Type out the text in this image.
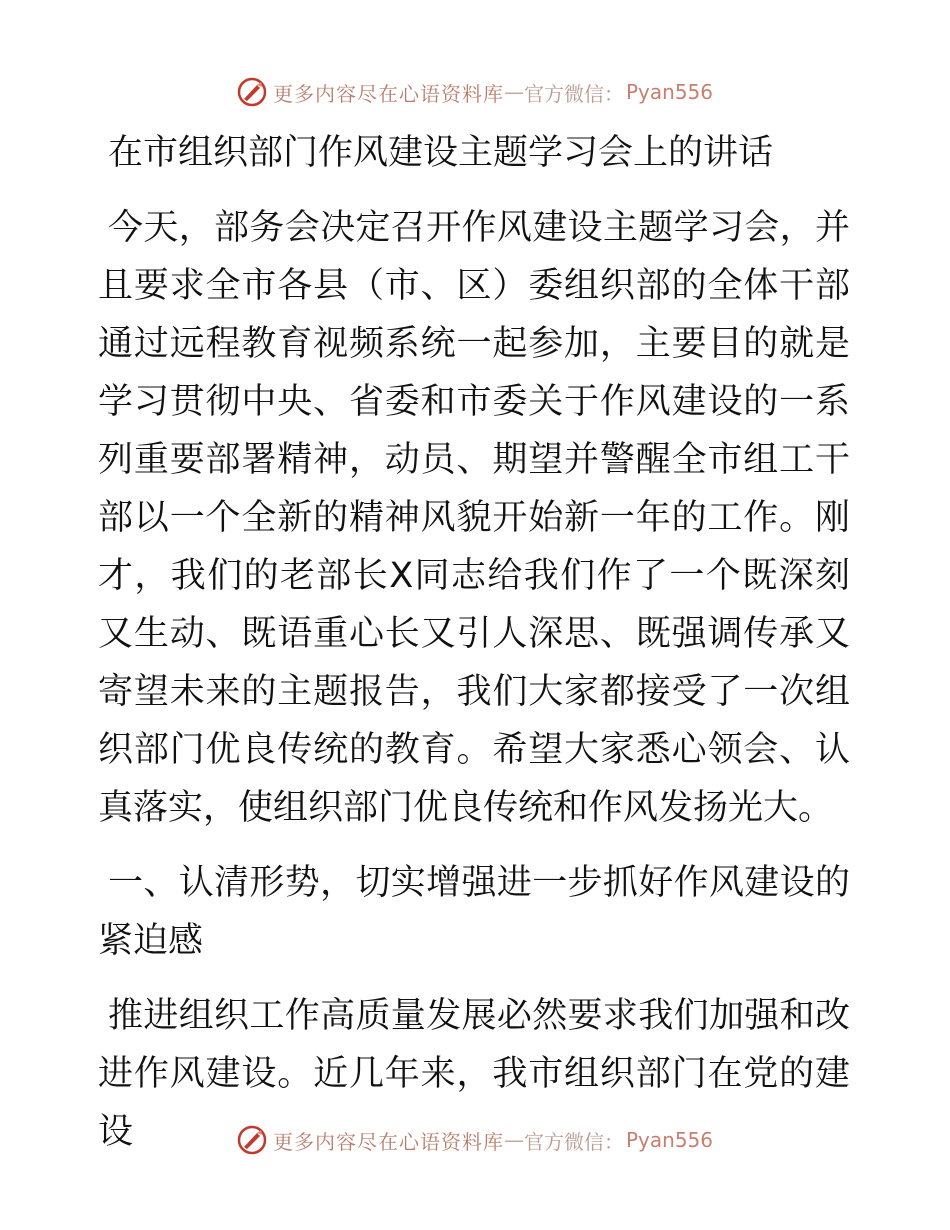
更多内容尽在心语资料库 — 官方微信： Pyan556

在市组织部门作风建设主题学习会上的讲话

今天，部务会决定召开作风建设主题学习会，并且要求全市各县（市、区）委组织部的全体干部通过远程教育视频系统一起参加，主要目的就是学习贯彻中央、省委和市委关于作风建设的一系列重要部署精神，动员、期望并警醒全市组工干部以一个全新的精神风貌开始新一年的工作。刚才，我们的老部长X同志给我们作了一个既深刻又生动、既语重心长又引人深思、既强调传承又寄望未来的主题报告，我们大家都接受了一次组织部门优良传统的教育。希望大家悉心领会、认真落实，使组织部门优良传统和作风发扬光大。

一、认清形势，切实增强进一步抓好作风建设的紧迫感

推进组织工作高质量发展必然要求我们加强和改进作风建设。近几年来，我市组织部门在党的建设	更多内容尽在心语资料库 — 官方微信： Pyan556
